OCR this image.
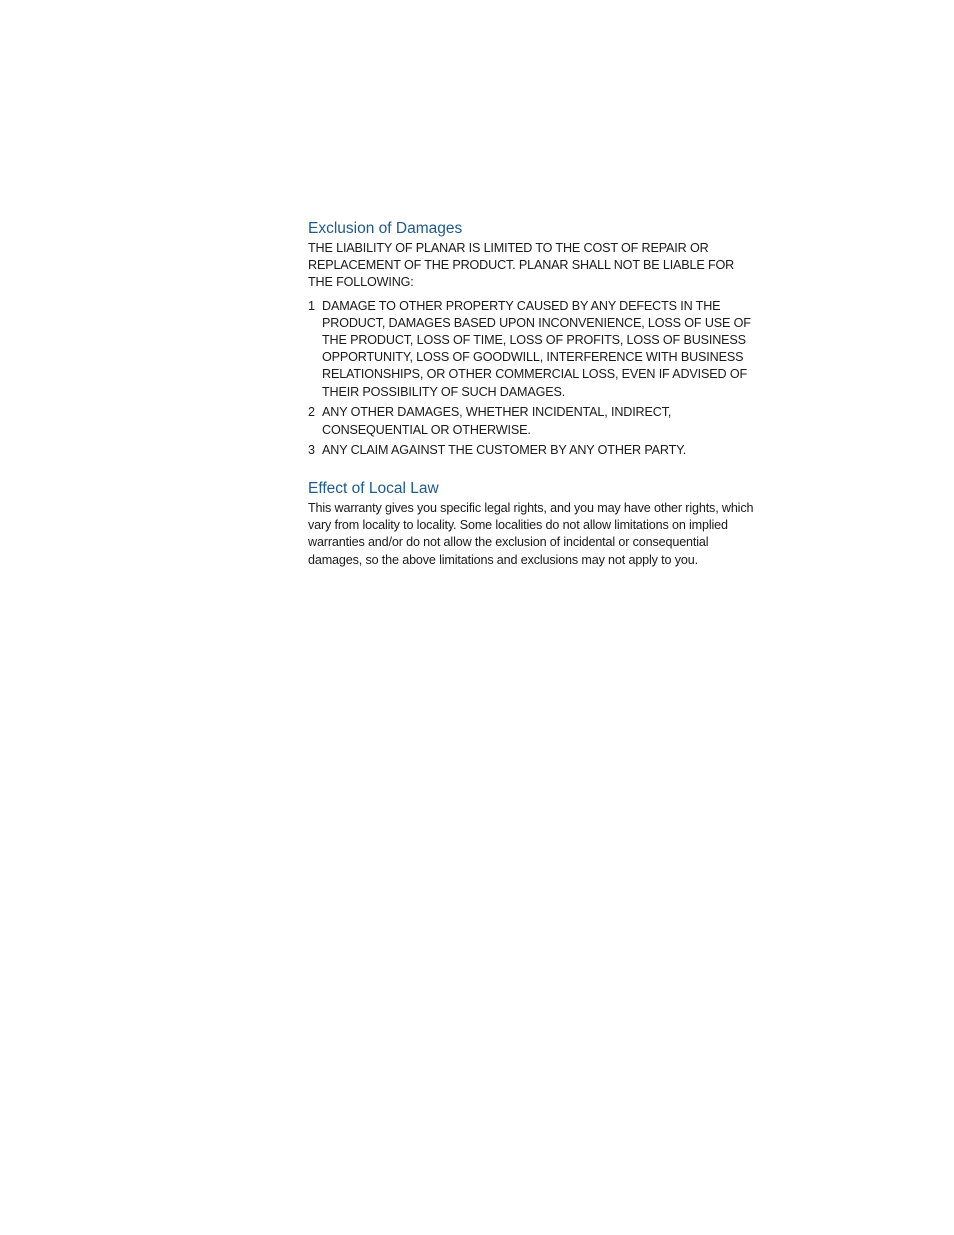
Exclusion of Damages

THE LIABILITY OF PLANAR IS LIMITED TO THE COST OF REPAIR OR REPLACEMENT OF THE PRODUCT. PLANAR SHALL NOT BE LIABLE FOR THE FOLLOWING:

1 DAMAGE TO OTHER PROPERTY CAUSED BY ANY DEFECTS IN THE PRODUCT, DAMAGES BASED UPON INCONVENIENCE, LOSS OF USE OF THE PRODUCT, LOSS OF TIME, LOSS OF PROFITS, LOSS OF BUSINESS OPPORTUNITY, LOSS OF GOODWILL, INTERFERENCE WITH BUSINESS RELATIONSHIPS, OR OTHER COMMERCIAL LOSS, EVEN IF ADVISED OF THEIR POSSIBILITY OF SUCH DAMAGES.
2 ANY OTHER DAMAGES, WHETHER INCIDENTAL, INDIRECT, CONSEQUENTIAL OR OTHERWISE.
3 ANY CLAIM AGAINST THE CUSTOMER BY ANY OTHER PARTY.
Effect of Local Law

This warranty gives you specific legal rights, and you may have other rights, which vary from locality to locality. Some localities do not allow limitations on implied warranties and/or do not allow the exclusion of incidental or consequential damages, so the above limitations and exclusions may not apply to you.
